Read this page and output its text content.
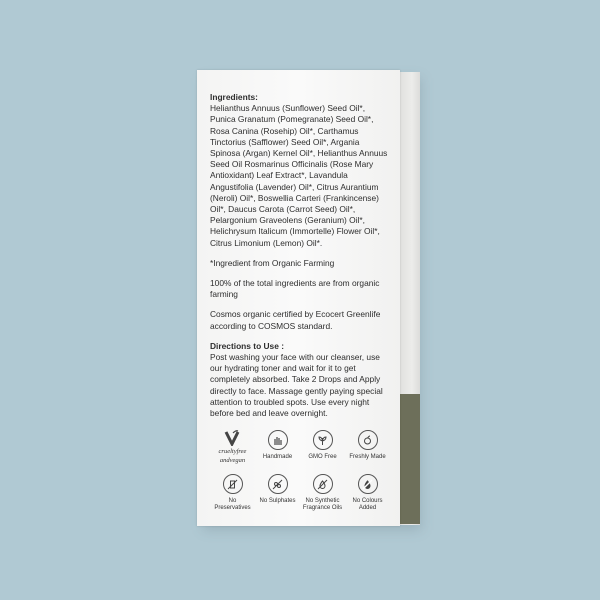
Ingredients:
Helianthus Annuus (Sunflower) Seed Oil*, Punica Granatum (Pomegranate) Seed Oil*, Rosa Canina (Rosehip) Oil*, Carthamus Tinctorius (Safflower) Seed Oil*, Argania Spinosa (Argan) Kernel Oil*, Helianthus Annuus Seed Oil Rosmarinus Officinalis (Rose Mary Antioxidant) Leaf Extract*, Lavandula Angustifolia (Lavender) Oil*, Citrus Aurantium (Neroli) Oil*, Boswellia Carteri (Frankincense) Oil*, Daucus Carota (Carrot Seed) Oil*, Pelargonium Graveolens (Geranium) Oil*, Helichrysum Italicum (Immortelle) Flower Oil*, Citrus Limonium (Lemon) Oil*.
*Ingredient from Organic Farming
100% of the total ingredients are from organic farming
Cosmos organic certified by Ecocert Greenlife according to COSMOS standard.
Directions to Use :
Post washing your face with our cleanser, use our hydrating toner and wait for it to get completely absorbed. Take 2 Drops and Apply directly to face. Massage gently paying special attention to troubled spots. Use every night before bed and leave overnight.
crueltyfree
andvegan	Handmade	GMO Free Freshly Made
No Preservatives
No Sulphates	No Synthetic Fragrance Oils
No Colours Added
